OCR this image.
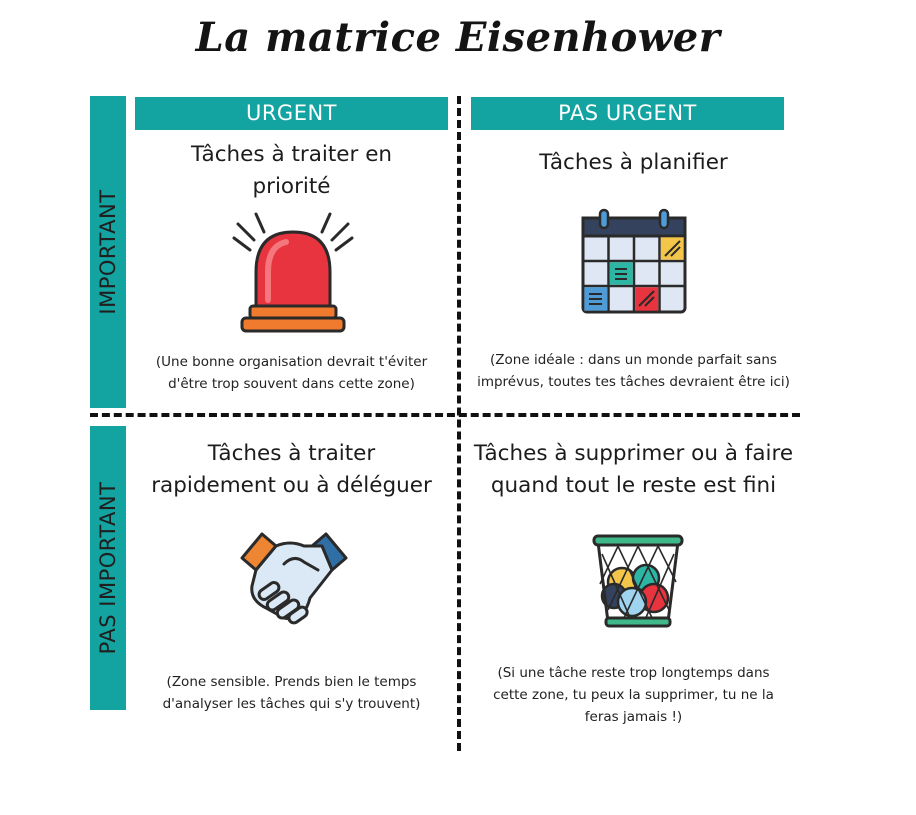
La matrice Eisenhower
URGENT	PAS URGENT
IMPORTANT
PAS IMPORTANT
Tâches à traiter en
priorité
(Une bonne organisation devrait t'éviter
d'être trop souvent dans cette zone)
Tâches à planifier
(Zone idéale : dans un monde parfait sans
imprévus, toutes tes tâches devraient être ici)
Tâches à traiter
rapidement ou à déléguer
(Zone sensible. Prends bien le temps
d'analyser les tâches qui s'y trouvent)
Tâches à supprimer ou à faire
quand tout le reste est fini
(Si une tâche reste trop longtemps dans
cette zone, tu peux la supprimer, tu ne la
feras jamais !)
